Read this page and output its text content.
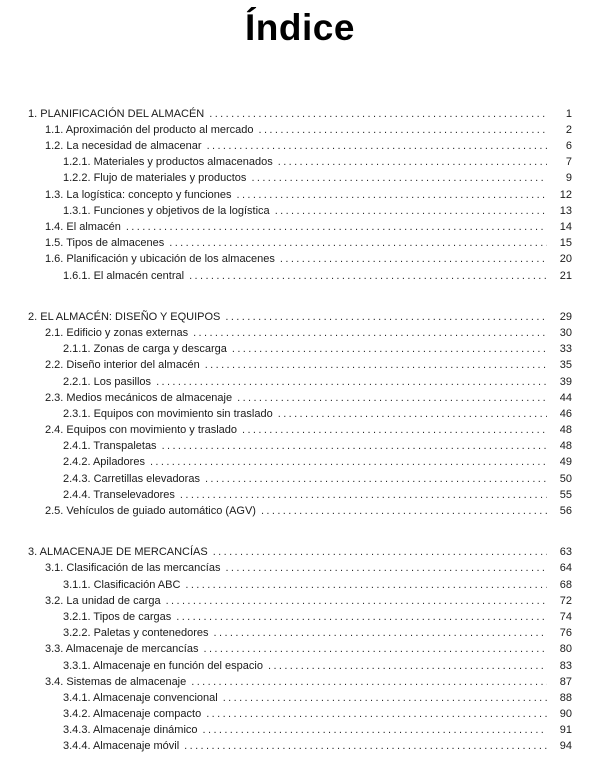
Índice
1. PLANIFICACIÓN DEL ALMACÉN .....	1
1.1. Aproximación del producto al mercado .....	2
1.2. La necesidad de almacenar .....	6
1.2.1. Materiales y productos almacenados .....	7
1.2.2. Flujo de materiales y productos .....	9
1.3. La logística: concepto y funciones .....	12
1.3.1. Funciones y objetivos de la logística .....	13
1.4. El almacén .....	14
1.5. Tipos de almacenes .....	15
1.6. Planificación y ubicación de los almacenes .....	20
1.6.1. El almacén central .....	21
2. EL ALMACÉN: DISEÑO Y EQUIPOS .....	29
2.1. Edificio y zonas externas .....	30
2.1.1. Zonas de carga y descarga .....	33
2.2. Diseño interior del almacén .....	35
2.2.1. Los pasillos .....	39
2.3. Medios mecánicos de almacenaje .....	44
2.3.1. Equipos con movimiento sin traslado .....	46
2.4. Equipos con movimiento y traslado .....	48
2.4.1. Transpaletas .....	48
2.4.2. Apiladores .....	49
2.4.3. Carretillas elevadoras .....	50
2.4.4. Transelevadores .....	55
2.5. Vehículos de guiado automático (AGV) .....	56
3. ALMACENAJE DE MERCANCÍAS .....	63
3.1. Clasificación de las mercancías .....	64
3.1.1. Clasificación ABC .....	68
3.2. La unidad de carga .....	72
3.2.1. Tipos de cargas .....	74
3.2.2. Paletas y contenedores .....	76
3.3. Almacenaje de mercancías .....	80
3.3.1. Almacenaje en función del espacio .....	83
3.4. Sistemas de almacenaje .....	87
3.4.1. Almacenaje convencional .....	88
3.4.2. Almacenaje compacto .....	90
3.4.3. Almacenaje dinámico .....	91
3.4.4. Almacenaje móvil .....	94
